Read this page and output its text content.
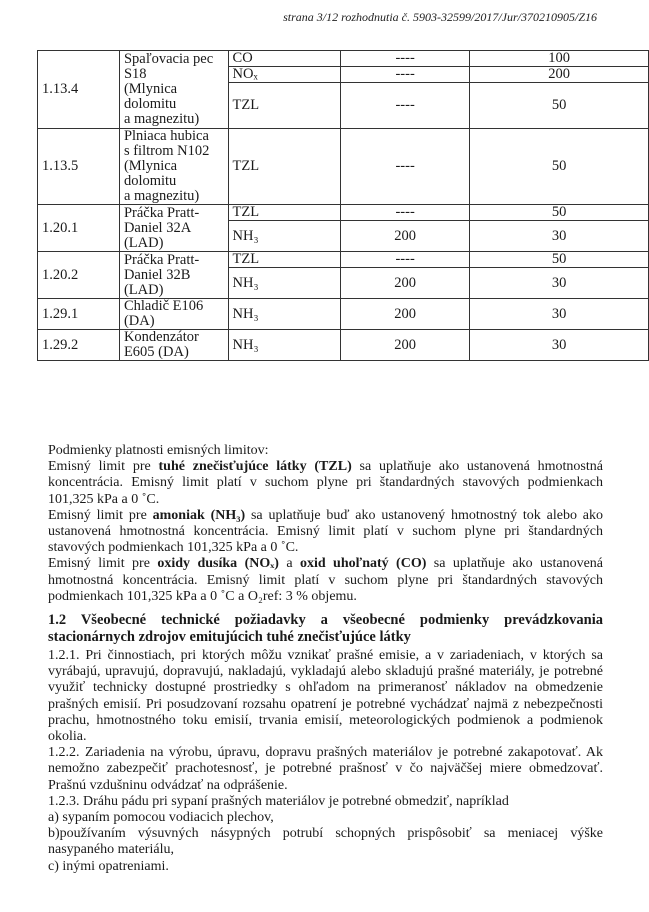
strana 3/12 rozhodnutia č. 5903-32599/2017/Jur/370210905/Z16
1.13.4	Spaľovacia pec
S18
(Mlynica
dolomitu
a magnezitu)	CO	----	100
		NOₓ	----	200
		TZL	----	50
1.13.5	Plniaca hubica
s filtrom N102
(Mlynica
dolomitu
a magnezitu)	TZL	----	50
1.20.1	Práčka Pratt-
Daniel 32A
(LAD)	TZL	----	50
		NH₃	200	30
1.20.2	Práčka Pratt-
Daniel 32B
(LAD)	TZL	----	50
		NH₃	200	30
1.29.1	Chladič E106
(DA)	NH₃	200	30
1.29.2	Kondenzátor
E605 (DA)	NH₃	200	30

Podmienky platnosti emisných limitov:

Emisný limit pre tuhé znečisťujúce látky (TZL) sa uplatňuje ako ustanovená hmotnostná koncentrácia. Emisný limit platí v suchom plyne pri štandardných stavových podmienkach 101,325 kPa a 0 ˚C.

Emisný limit pre amoniak (NH₃) sa uplatňuje buď ako ustanovený hmotnostný tok alebo ako ustanovená hmotnostná koncentrácia. Emisný limit platí v suchom plyne pri štandardných stavových podmienkach 101,325 kPa a 0 ˚C.

Emisný limit pre oxidy dusíka (NOₓ) a oxid uhoľnatý (CO) sa uplatňuje ako ustanovená hmotnostná koncentrácia. Emisný limit platí v suchom plyne pri štandardných stavových podmienkach 101,325 kPa a 0 ˚C a O₂ref: 3 % objemu.

1.2 Všeobecné technické požiadavky a všeobecné podmienky prevádzkovania stacionárnych zdrojov emitujúcich tuhé znečisťujúce látky

1.2.1. Pri činnostiach, pri ktorých môžu vznikať prašné emisie, a v zariadeniach, v ktorých sa vyrábajú, upravujú, dopravujú, nakladajú, vykladajú alebo skladujú prašné materiály, je potrebné využiť technicky dostupné prostriedky s ohľadom na primeranosť nákladov na obmedzenie prašných emisií. Pri posudzovaní rozsahu opatrení je potrebné vychádzať najmä z nebezpečnosti prachu, hmotnostného toku emisií, trvania emisií, meteorologických podmienok a podmienok okolia.

1.2.2. Zariadenia na výrobu, úpravu, dopravu prašných materiálov je potrebné zakapotovať. Ak nemožno zabezpečiť prachotesnosť, je potrebné prašnosť v čo najväčšej miere obmedzovať. Prašnú vzdušninu odvádzať na odprášenie.

1.2.3. Dráhu pádu pri sypaní prašných materiálov je potrebné obmedziť, napríklad

a) sypaním pomocou vodiacich plechov,

b)používaním výsuvných násypných potrubí schopných prispôsobiť sa meniacej výške nasypaného materiálu,

c) inými opatreniami.
